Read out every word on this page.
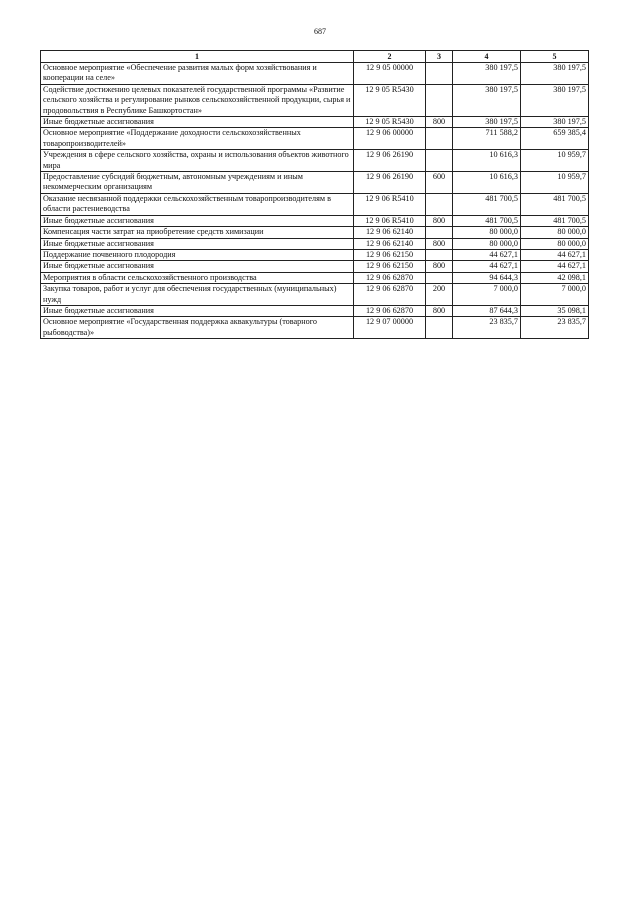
687
1	2	3	4	5
Основное мероприятие «Обеспечение развития малых форм хозяйствования и кооперации на селе»	12 9 05 00000		380 197,5	380 197,5
Содействие достижению целевых показателей государственной программы «Развитие сельского хозяйства и регулирование рынков сельскохозяйственной продукции, сырья и продовольствия в Республике Башкортостан»	12 9 05 R5430		380 197,5	380 197,5
Иные бюджетные ассигнования	12 9 05 R5430	800	380 197,5	380 197,5
Основное мероприятие «Поддержание доходности сельскохозяйственных товаропроизводителей»	12 9 06 00000		711 588,2	659 385,4
Учреждения в сфере сельского хозяйства, охраны и использования объектов животного мира	12 9 06 26190		10 616,3	10 959,7
Предоставление субсидий бюджетным, автономным учреждениям и иным некоммерческим организациям	12 9 06 26190	600	10 616,3	10 959,7
Оказание несвязанной поддержки сельскохозяйственным товаропроизводителям в области растениеводства	12 9 06 R5410		481 700,5	481 700,5
Иные бюджетные ассигнования	12 9 06 R5410	800	481 700,5	481 700,5
Компенсация части затрат на приобретение средств химизации	12 9 06 62140		80 000,0	80 000,0
Иные бюджетные ассигнования	12 9 06 62140	800	80 000,0	80 000,0
Поддержание почвенного плодородия	12 9 06 62150		44 627,1	44 627,1
Иные бюджетные ассигнования	12 9 06 62150	800	44 627,1	44 627,1
Мероприятия в области сельскохозяйственного производства	12 9 06 62870		94 644,3	42 098,1
Закупка товаров, работ и услуг для обеспечения государственных (муниципальных) нужд	12 9 06 62870	200	7 000,0	7 000,0
Иные бюджетные ассигнования	12 9 06 62870	800	87 644,3	35 098,1
Основное мероприятие «Государственная поддержка аквакультуры (товарного рыбоводства)»	12 9 07 00000		23 835,7	23 835,7
